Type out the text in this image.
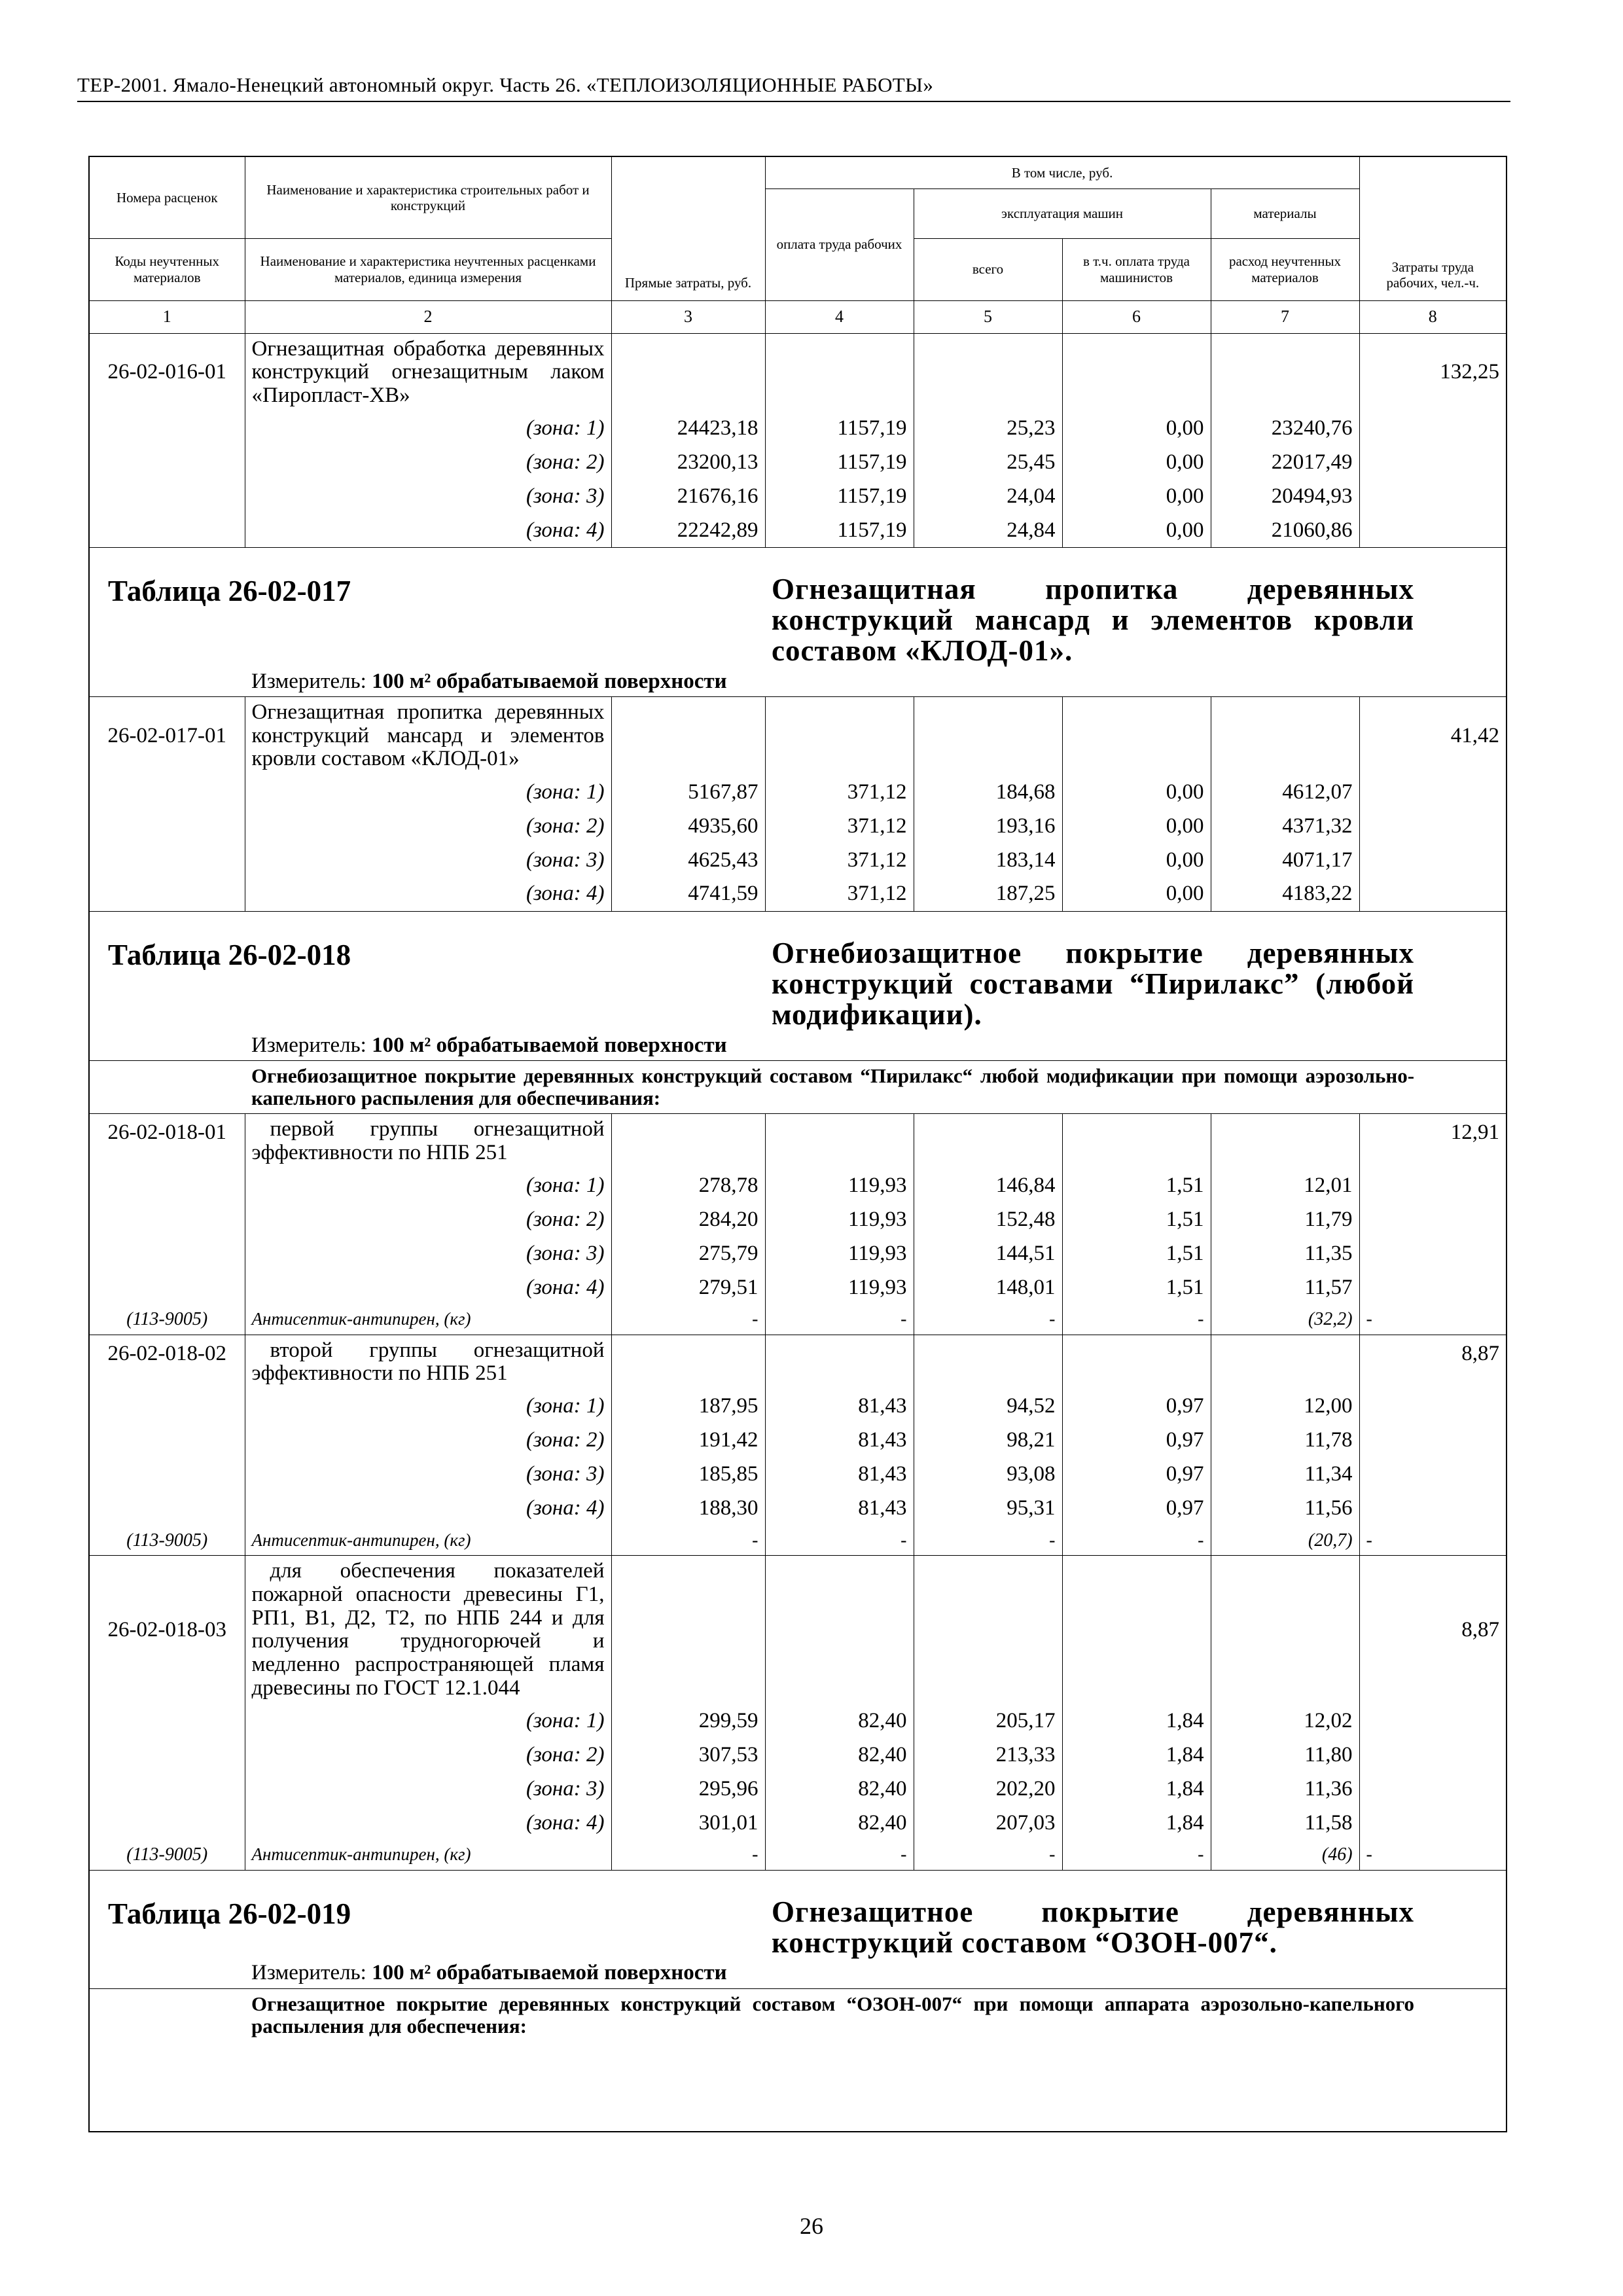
ТЕР-2001. Ямало-Ненецкий автономный округ. Часть 26. «ТЕПЛОИЗОЛЯЦИОННЫЕ РАБОТЫ»
Номера расценок	Наименование и характеристика строительных работ и конструкций	Прямые затраты, руб.	В том числе, руб.				Затраты труда рабочих, чел.-ч.
			оплата труда рабочих	эксплуатация машин		материалы	
Коды неучтенных материалов	Наименование и характеристика неучтенных расценками материалов, единица измерения			всего	в т.ч. оплата труда машинистов	расход неучтенных материалов	
1	2	3	4	5	6	7	8
26-02-016-01	Огнезащитная обработка деревянных конструкций огнезащитным лаком «Пиропласт-ХВ»						132,25
	(зона: 1)	24423,18	1157,19	25,23	0,00	23240,76	
	(зона: 2)	23200,13	1157,19	25,45	0,00	22017,49	
	(зона: 3)	21676,16	1157,19	24,04	0,00	20494,93	
	(зона: 4)	22242,89	1157,19	24,84	0,00	21060,86	
Таблица 26-02-017			Огнезащитная пропитка деревянных конструкций мансард и элементов кровли составом «КЛОД-01».				
	Измеритель: 100 м² обрабатываемой поверхности						
26-02-017-01	Огнезащитная пропитка деревянных конструкций мансард и элементов кровли составом «КЛОД-01»						41,42
	(зона: 1)	5167,87	371,12	184,68	0,00	4612,07	
	(зона: 2)	4935,60	371,12	193,16	0,00	4371,32	
	(зона: 3)	4625,43	371,12	183,14	0,00	4071,17	
	(зона: 4)	4741,59	371,12	187,25	0,00	4183,22	
Таблица 26-02-018			Огнебиозащитное покрытие деревянных конструкций составами “Пирилакс” (любой модификации).				
	Измеритель: 100 м² обрабатываемой поверхности						
	Огнебиозащитное покрытие деревянных конструкций составом “Пирилакс“ любой модификации при помощи аэрозольно-капельного распыления для обеспечивания:						
26-02-018-01	первой группы огнезащитной эффективности по НПБ 251						12,91
	(зона: 1)	278,78	119,93	146,84	1,51	12,01	
	(зона: 2)	284,20	119,93	152,48	1,51	11,79	
	(зона: 3)	275,79	119,93	144,51	1,51	11,35	
	(зона: 4)	279,51	119,93	148,01	1,51	11,57	
(113-9005)	Антисептик-антипирен, (кг)	-	-	-	-	(32,2)	-
26-02-018-02	второй группы огнезащитной эффективности по НПБ 251						8,87
	(зона: 1)	187,95	81,43	94,52	0,97	12,00	
	(зона: 2)	191,42	81,43	98,21	0,97	11,78	
	(зона: 3)	185,85	81,43	93,08	0,97	11,34	
	(зона: 4)	188,30	81,43	95,31	0,97	11,56	
(113-9005)	Антисептик-антипирен, (кг)	-	-	-	-	(20,7)	-
26-02-018-03	для обеспечения показателей пожарной опасности древесины Г1, РП1, В1, Д2, Т2, по НПБ 244 и для получения трудногорючей и медленно распространяющей пламя древесины по ГОСТ 12.1.044						8,87
	(зона: 1)	299,59	82,40	205,17	1,84	12,02	
	(зона: 2)	307,53	82,40	213,33	1,84	11,80	
	(зона: 3)	295,96	82,40	202,20	1,84	11,36	
	(зона: 4)	301,01	82,40	207,03	1,84	11,58	
(113-9005)	Антисептик-антипирен, (кг)	-	-	-	-	(46)	-
Таблица 26-02-019			Огнезащитное покрытие деревянных конструкций составом “ОЗОН-007“.				
	Измеритель: 100 м² обрабатываемой поверхности						
	Огнезащитное покрытие деревянных конструкций составом “ОЗОН-007“ при помощи аппарата аэрозольно-капельного распыления для обеспечения:						
26
